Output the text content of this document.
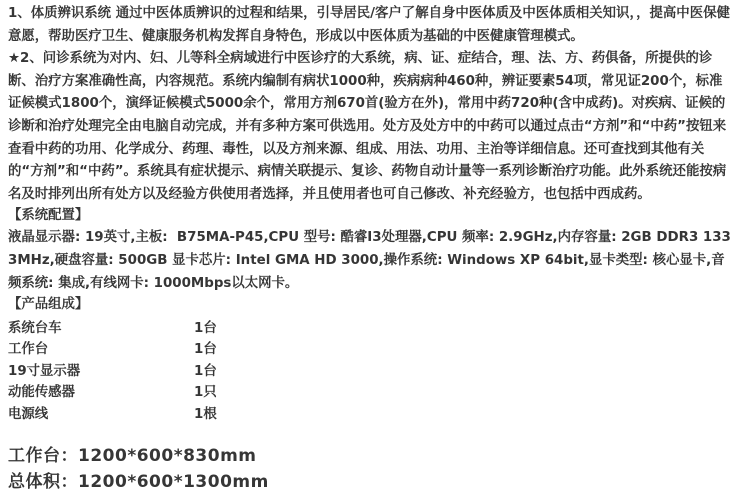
1、体质辨识系统 通过中医体质辨识的过程和结果，引导居民/客户了解自身中医体质及中医体质相关知识，，提高中医保健意愿，帮助医疗卫生、健康服务机构发挥自身特色，形成以中医体质为基础的中医健康管理模式。

★2、问诊系统为对内、妇、儿等科全病域进行中医诊疗的大系统，病、证、症结合，理、法、方、药俱备，所提供的诊断、治疗方案准确性高，内容规范。系统内编制有病状1000种，疾病病种460种，辨证要素54项，常见证200个，标准证候模式1800个，演绎证候模式5000余个，常用方剂670首(验方在外)，常用中药720种(含中成药)。对疾病、证候的诊断和治疗处理完全由电脑自动完成，并有多种方案可供选用。处方及处方中的中药可以通过点击“方剂”和“中药”按钮来查看中药的功用、化学成分、药理、毒性，以及方剂来源、组成、用法、功用、主治等详细信息。还可查找到其他有关的“方剂”和“中药”。系统具有症状提示、病情关联提示、复诊、药物自动计量等一系列诊断治疗功能。此外系统还能按病名及时排列出所有处方以及经验方供使用者选择，并且使用者也可自己修改、补充经验方，也包括中西成药。

【系统配置】

液晶显示器: 19英寸,主板:  B75MA-P45,CPU 型号: 酷睿I3处理器,CPU 频率: 2.9GHz,内存容量: 2GB DDR3 1333MHz,硬盘容量: 500GB 显卡芯片: Intel GMA HD 3000,操作系统: Windows XP 64bit,显卡类型: 核心显卡,音频系统: 集成,有线网卡: 1000Mbps以太网卡。

【产品组成】

系统台车	1台
工作台	1台
19寸显示器	1台
动能传感器	1只
电源线	1根

工作台：1200*600*830mm

总体积：1200*600*1300mm
